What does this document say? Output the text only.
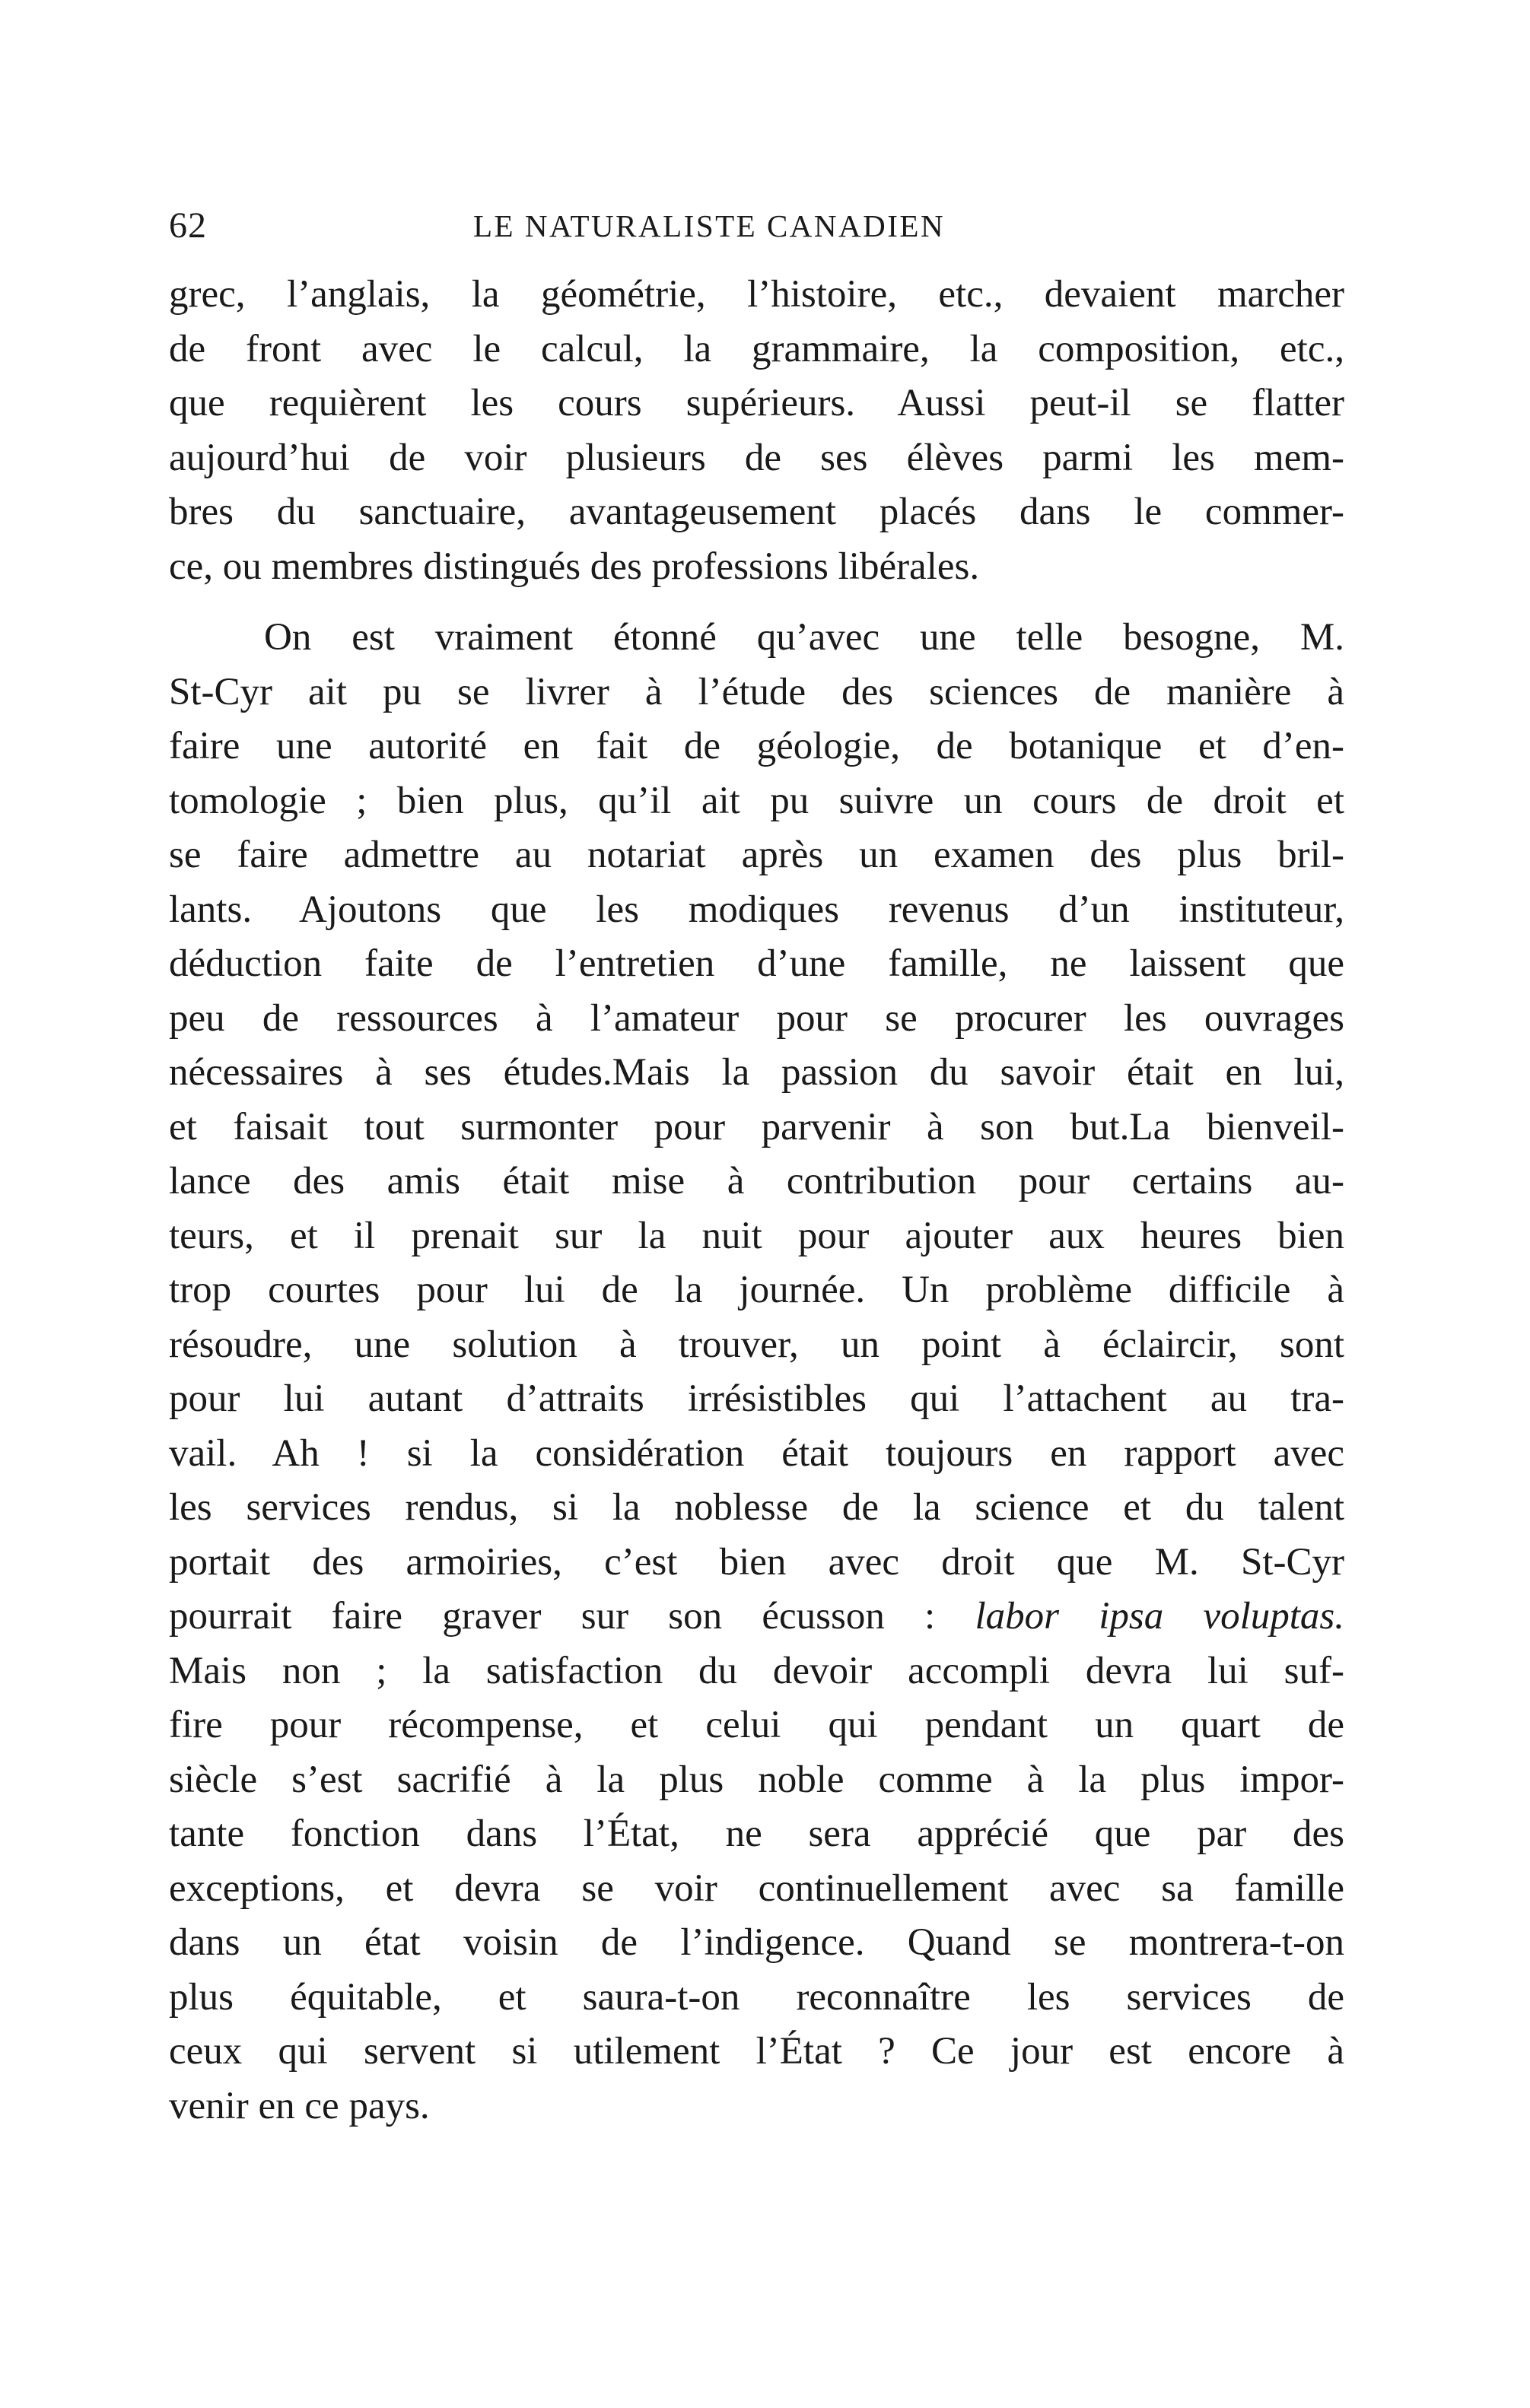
62	LE NATURALISTE CANADIEN
grec, l’anglais, la géométrie, l’histoire, etc., devaient marcher
de front avec le calcul, la grammaire, la composition, etc.,
que requièrent les cours supérieurs. Aussi peut-il se flatter
aujourd’hui de voir plusieurs de ses élèves parmi les mem-
bres du sanctuaire, avantageusement placés dans le commer-
ce, ou membres distingués des professions libérales.
On est vraiment étonné qu’avec une telle besogne, M.
St-Cyr ait pu se livrer à l’étude des sciences de manière à
faire une autorité en fait de géologie, de botanique et d’en-
tomologie ; bien plus, qu’il ait pu suivre un cours de droit et
se faire admettre au notariat après un examen des plus bril-
lants. Ajoutons que les modiques revenus d’un instituteur,
déduction faite de l’entretien d’une famille, ne laissent que
peu de ressources à l’amateur pour se procurer les ouvrages
nécessaires à ses études.Mais la passion du savoir était en lui,
et faisait tout surmonter pour parvenir à son but.La bienveil-
lance des amis était mise à contribution pour certains au-
teurs, et il prenait sur la nuit pour ajouter aux heures bien
trop courtes pour lui de la journée. Un problème difficile à
résoudre, une solution à trouver, un point à éclaircir, sont
pour lui autant d’attraits irrésistibles qui l’attachent au tra-
vail. Ah ! si la considération était toujours en rapport avec
les services rendus, si la noblesse de la science et du talent
portait des armoiries, c’est bien avec droit que M. St-Cyr
pourrait faire graver sur son écusson : labor ipsa voluptas.
Mais non ; la satisfaction du devoir accompli devra lui suf-
fire pour récompense, et celui qui pendant un quart de
siècle s’est sacrifié à la plus noble comme à la plus impor-
tante fonction dans l’État, ne sera apprécié que par des
exceptions, et devra se voir continuellement avec sa famille
dans un état voisin de l’indigence. Quand se montrera-t-on
plus équitable, et saura-t-on reconnaître les services de
ceux qui servent si utilement l’État ? Ce jour est encore à
venir en ce pays.
